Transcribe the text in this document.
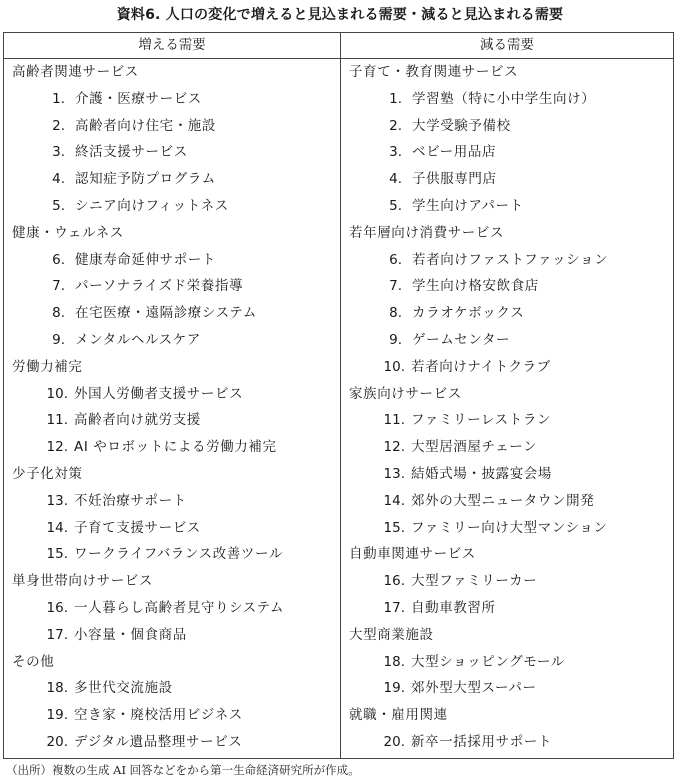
資料6. 人口の変化で増えると見込まれる需要・減ると見込まれる需要
増える需要	減る需要
高齢者関連サービス
1. 介護・医療サービス
2. 高齢者向け住宅・施設
3. 終活支援サービス
4. 認知症予防プログラム
5. シニア向けフィットネス
健康・ウェルネス
6. 健康寿命延伸サポート
7. パーソナライズド栄養指導
8. 在宅医療・遠隔診療システム
9. メンタルヘルスケア
労働力補完
10. 外国人労働者支援サービス
11. 高齢者向け就労支援
12. AI やロボットによる労働力補完
少子化対策
13. 不妊治療サポート
14. 子育て支援サービス
15. ワークライフバランス改善ツール
単身世帯向けサービス
16. 一人暮らし高齢者見守りシステム
17. 小容量・個食商品
その他
18. 多世代交流施設
19. 空き家・廃校活用ビジネス
20. デジタル遺品整理サービス
子育て・教育関連サービス
1. 学習塾（特に小中学生向け）
2. 大学受験予備校
3. ベビー用品店
4. 子供服専門店
5. 学生向けアパート
若年層向け消費サービス
6. 若者向けファストファッション
7. 学生向け格安飲食店
8. カラオケボックス
9. ゲームセンター
10. 若者向けナイトクラブ
家族向けサービス
11. ファミリーレストラン
12. 大型居酒屋チェーン
13. 結婚式場・披露宴会場
14. 郊外の大型ニュータウン開発
15. ファミリー向け大型マンション
自動車関連サービス
16. 大型ファミリーカー
17. 自動車教習所
大型商業施設
18. 大型ショッピングモール
19. 郊外型大型スーパー
就職・雇用関連
20. 新卒一括採用サポート
（出所）複数の生成 AI 回答などをから第一生命経済研究所が作成。
